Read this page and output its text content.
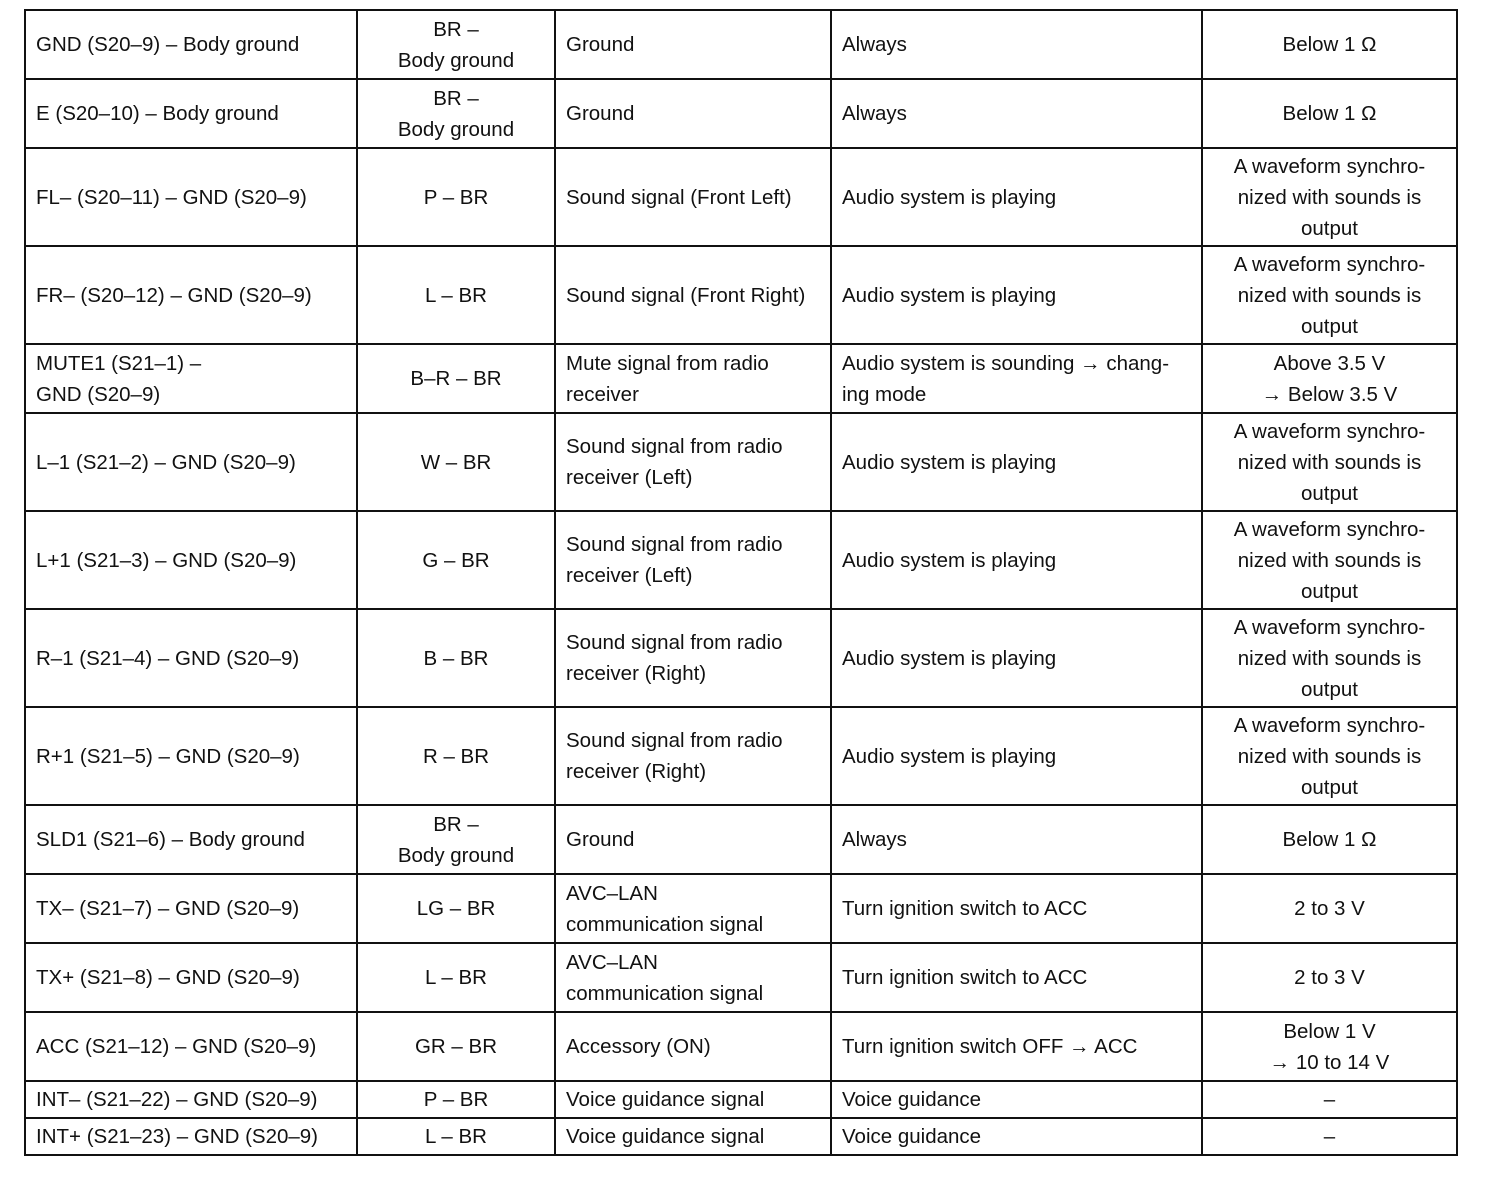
GND (S20–9) – Body ground	BR –
Body ground	Ground	Always	Below 1 Ω
E (S20–10) – Body ground	BR –
Body ground	Ground	Always	Below 1 Ω
FL– (S20–11) – GND (S20–9)	P – BR	Sound signal (Front Left)	Audio system is playing	A waveform synchro-
nized with sounds is
output
FR– (S20–12) – GND (S20–9)	L – BR	Sound signal (Front Right)	Audio system is playing	A waveform synchro-
nized with sounds is
output
MUTE1 (S21–1) –
GND (S20–9)	B–R – BR	Mute signal from radio
receiver	Audio system is sounding → chang-
ing mode	Above 3.5 V
→ Below 3.5 V
L–1 (S21–2) – GND (S20–9)	W – BR	Sound signal from radio
receiver (Left)	Audio system is playing	A waveform synchro-
nized with sounds is
output
L+1 (S21–3) – GND (S20–9)	G – BR	Sound signal from radio
receiver (Left)	Audio system is playing	A waveform synchro-
nized with sounds is
output
R–1 (S21–4) – GND (S20–9)	B – BR	Sound signal from radio
receiver (Right)	Audio system is playing	A waveform synchro-
nized with sounds is
output
R+1 (S21–5) – GND (S20–9)	R – BR	Sound signal from radio
receiver (Right)	Audio system is playing	A waveform synchro-
nized with sounds is
output
SLD1 (S21–6) – Body ground	BR –
Body ground	Ground	Always	Below 1 Ω
TX– (S21–7) – GND (S20–9)	LG – BR	AVC–LAN
communication signal	Turn ignition switch to ACC	2 to 3 V
TX+ (S21–8) – GND (S20–9)	L – BR	AVC–LAN
communication signal	Turn ignition switch to ACC	2 to 3 V
ACC (S21–12) – GND (S20–9)	GR – BR	Accessory (ON)	Turn ignition switch OFF → ACC	Below 1 V
→ 10 to 14 V
INT– (S21–22) – GND (S20–9)	P – BR	Voice guidance signal	Voice guidance	–
INT+ (S21–23) – GND (S20–9)	L – BR	Voice guidance signal	Voice guidance	–
